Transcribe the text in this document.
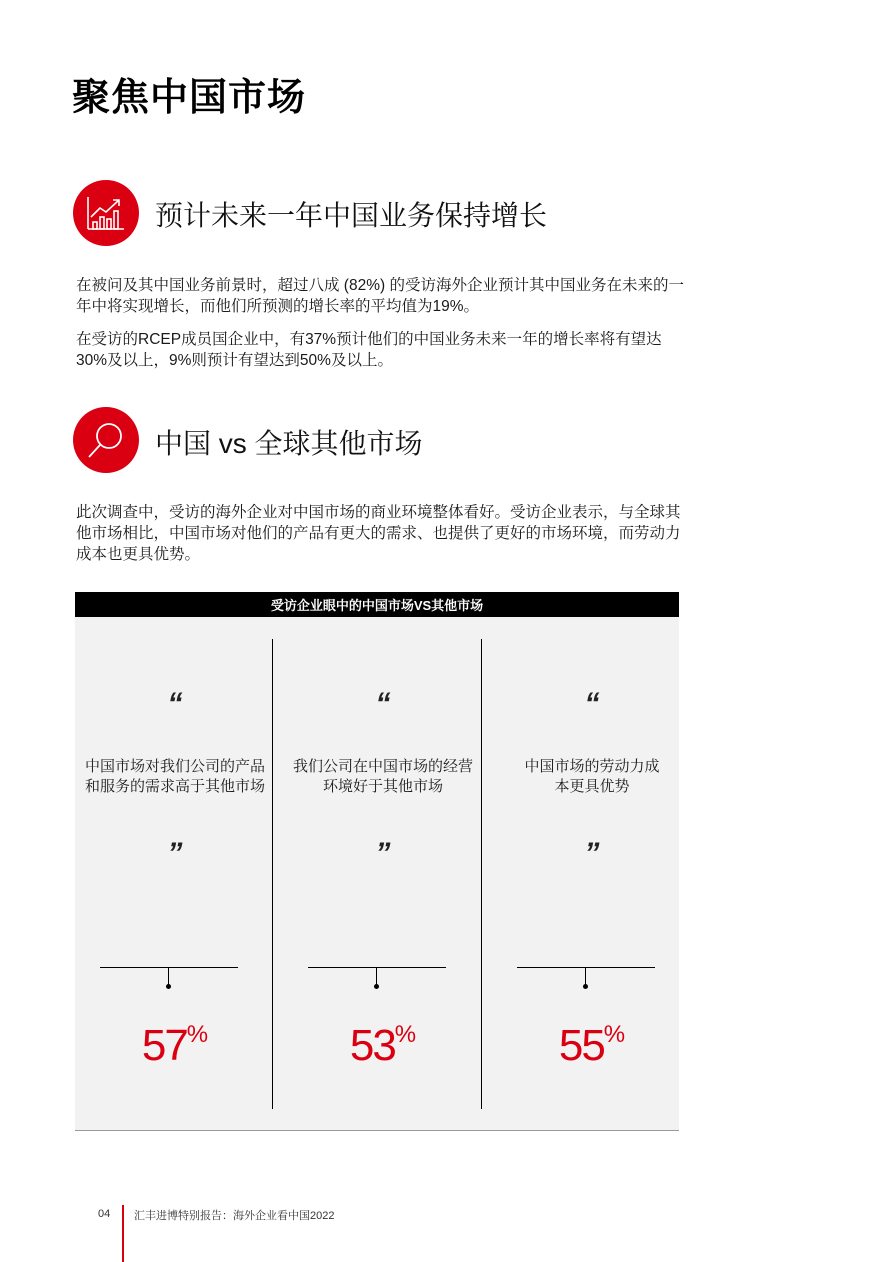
聚焦中国市场
预计未来一年中国业务保持增长

在被问及其中国业务前景时，超过八成 (82%) 的受访海外企业预计其中国业务在未来的一年中将实现增长，而他们所预测的增长率的平均值为19%。

在受访的RCEP成员国企业中，有37%预计他们的中国业务未来一年的增长率将有望达30%及以上，9%则预计有望达到50%及以上。

中国 vs 全球其他市场

此次调查中，受访的海外企业对中国市场的商业环境整体看好。受访企业表示，与全球其他市场相比，中国市场对他们的产品有更大的需求、也提供了更好的市场环境，而劳动力成本也更具优势。

受访企业眼中的中国市场VS其他市场
“
中国市场对我们公司的产品和服务的需求高于其他市场
”
57%
“
我们公司在中国市场的经营环境好于其他市场
”
53%
“
中国市场的劳动力成本更具优势
”
55%
04 汇丰进博特别报告：海外企业看中国2022
